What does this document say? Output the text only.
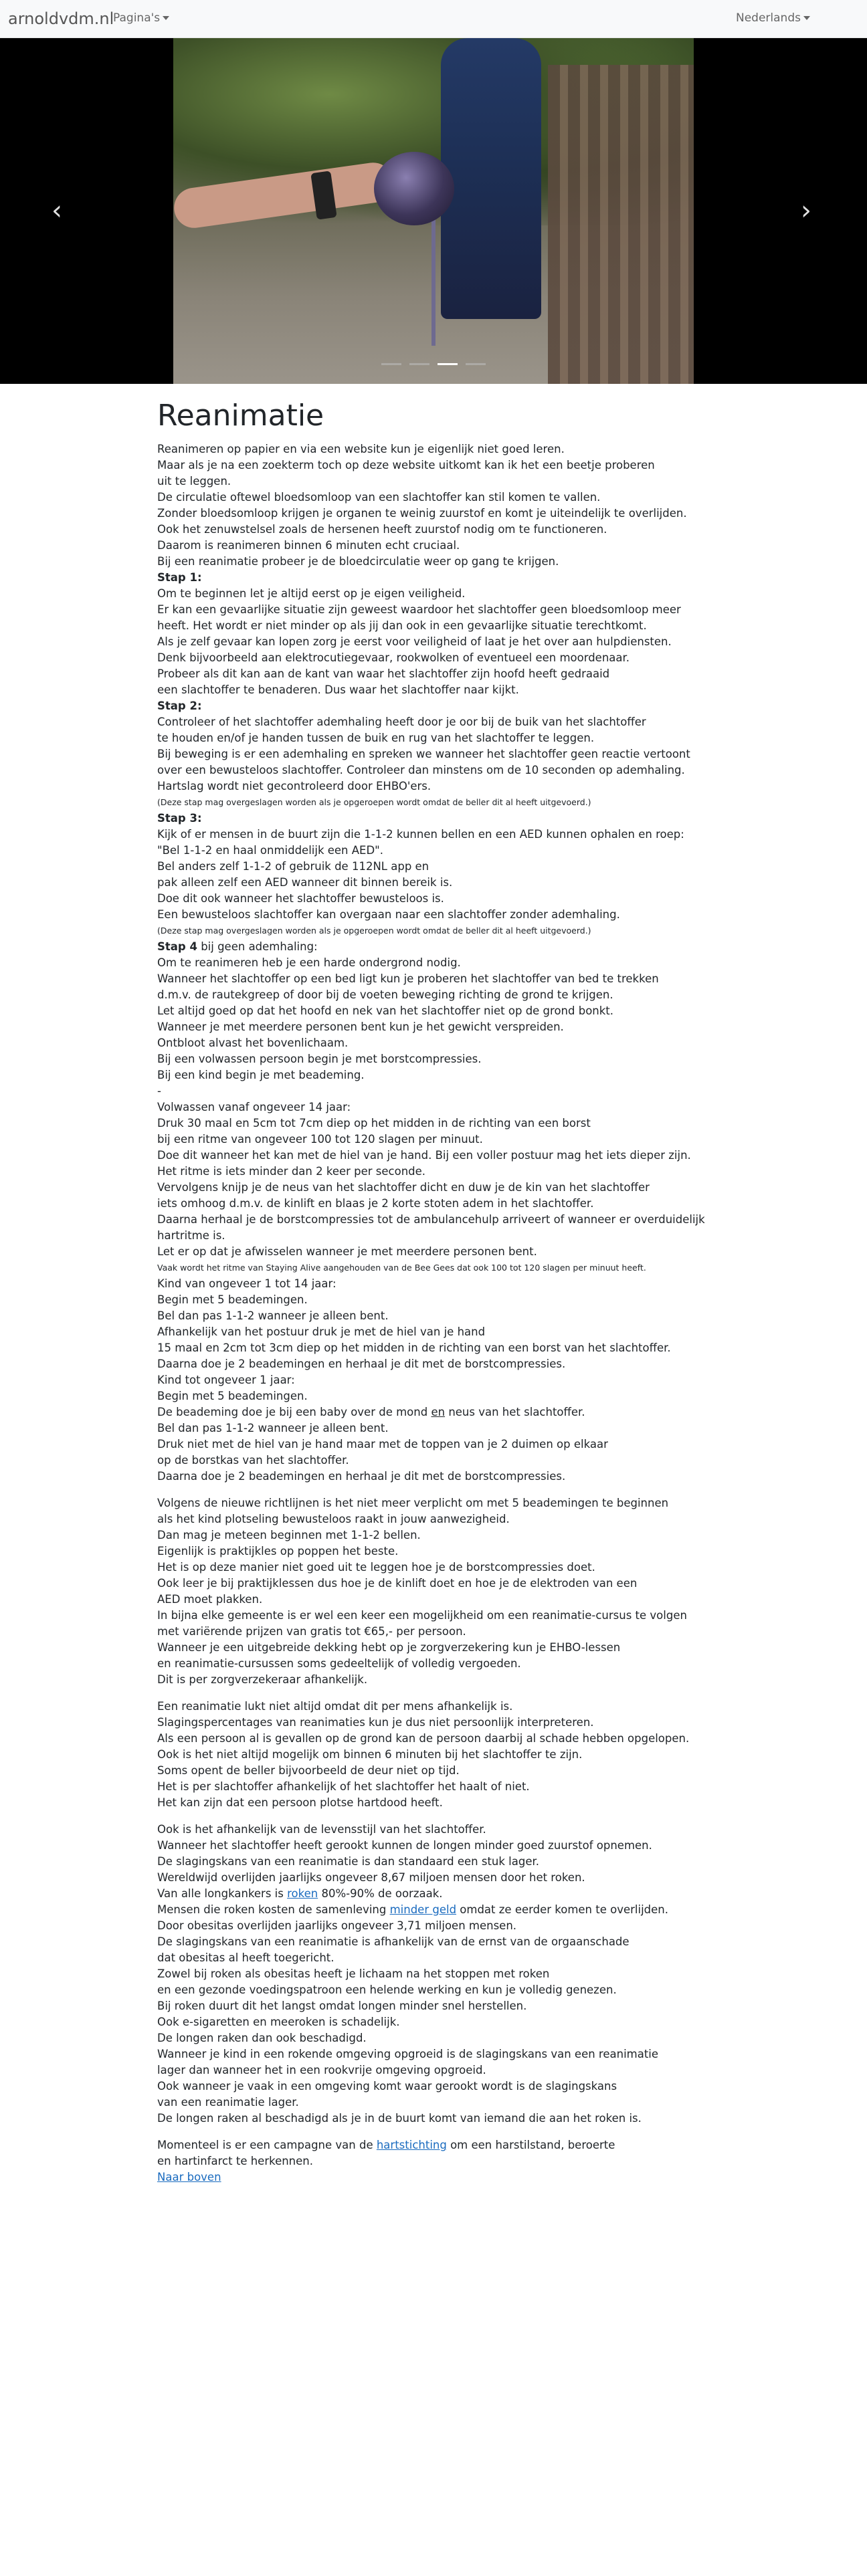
arnoldvdm.nl
Pagina's	Nederlands
‹	›
Reanimatie

Reanimeren op papier en via een website kun je eigenlijk niet goed leren.

Maar als je na een zoekterm toch op deze website uitkomt kan ik het een beetje proberen

uit te leggen.

De circulatie oftewel bloedsomloop van een slachtoffer kan stil komen te vallen.

Zonder bloedsomloop krijgen je organen te weinig zuurstof en komt je uiteindelijk te overlijden.

Ook het zenuwstelsel zoals de hersenen heeft zuurstof nodig om te functioneren.

Daarom is reanimeren binnen 6 minuten echt cruciaal.

Bij een reanimatie probeer je de bloedcirculatie weer op gang te krijgen.

Stap 1:

Om te beginnen let je altijd eerst op je eigen veiligheid.

Er kan een gevaarlijke situatie zijn geweest waardoor het slachtoffer geen bloedsomloop meer

heeft. Het wordt er niet minder op als jij dan ook in een gevaarlijke situatie terechtkomt.

Als je zelf gevaar kan lopen zorg je eerst voor veiligheid of laat je het over aan hulpdiensten.

Denk bijvoorbeeld aan elektrocutiegevaar, rookwolken of eventueel een moordenaar.

Probeer als dit kan aan de kant van waar het slachtoffer zijn hoofd heeft gedraaid

een slachtoffer te benaderen. Dus waar het slachtoffer naar kijkt.

Stap 2:

Controleer of het slachtoffer ademhaling heeft door je oor bij de buik van het slachtoffer

te houden en/of je handen tussen de buik en rug van het slachtoffer te leggen.

Bij beweging is er een ademhaling en spreken we wanneer het slachtoffer geen reactie vertoont

over een bewusteloos slachtoffer. Controleer dan minstens om de 10 seconden op ademhaling.

Hartslag wordt niet gecontroleerd door EHBO'ers.

(Deze stap mag overgeslagen worden als je opgeroepen wordt omdat de beller dit al heeft uitgevoerd.)

Stap 3:

Kijk of er mensen in de buurt zijn die 1-1-2 kunnen bellen en een AED kunnen ophalen en roep:

"Bel 1-1-2 en haal onmiddelijk een AED".

Bel anders zelf 1-1-2 of gebruik de 112NL app en

pak alleen zelf een AED wanneer dit binnen bereik is.

Doe dit ook wanneer het slachtoffer bewusteloos is.

Een bewusteloos slachtoffer kan overgaan naar een slachtoffer zonder ademhaling.

(Deze stap mag overgeslagen worden als je opgeroepen wordt omdat de beller dit al heeft uitgevoerd.)

Stap 4 bij geen ademhaling:

Om te reanimeren heb je een harde ondergrond nodig.

Wanneer het slachtoffer op een bed ligt kun je proberen het slachtoffer van bed te trekken

d.m.v. de rautekgreep of door bij de voeten beweging richting de grond te krijgen.

Let altijd goed op dat het hoofd en nek van het slachtoffer niet op de grond bonkt.

Wanneer je met meerdere personen bent kun je het gewicht verspreiden.

Ontbloot alvast het bovenlichaam.

Bij een volwassen persoon begin je met borstcompressies.

Bij een kind begin je met beademing.

-

Volwassen vanaf ongeveer 14 jaar:

Druk 30 maal en 5cm tot 7cm diep op het midden in de richting van een borst

bij een ritme van ongeveer 100 tot 120 slagen per minuut.

Doe dit wanneer het kan met de hiel van je hand. Bij een voller postuur mag het iets dieper zijn.

Het ritme is iets minder dan 2 keer per seconde.

Vervolgens knijp je de neus van het slachtoffer dicht en duw je de kin van het slachtoffer

iets omhoog d.m.v. de kinlift en blaas je 2 korte stoten adem in het slachtoffer.

Daarna herhaal je de borstcompressies tot de ambulancehulp arriveert of wanneer er overduidelijk

hartritme is.

Let er op dat je afwisselen wanneer je met meerdere personen bent.

Vaak wordt het ritme van Staying Alive aangehouden van de Bee Gees dat ook 100 tot 120 slagen per minuut heeft.

Kind van ongeveer 1 tot 14 jaar:

Begin met 5 beademingen.

Bel dan pas 1-1-2 wanneer je alleen bent.

Afhankelijk van het postuur druk je met de hiel van je hand

15 maal en 2cm tot 3cm diep op het midden in de richting van een borst van het slachtoffer.

Daarna doe je 2 beademingen en herhaal je dit met de borstcompressies.

Kind tot ongeveer 1 jaar:

Begin met 5 beademingen.

De beademing doe je bij een baby over de mond en neus van het slachtoffer.

Bel dan pas 1-1-2 wanneer je alleen bent.

Druk niet met de hiel van je hand maar met de toppen van je 2 duimen op elkaar

op de borstkas van het slachtoffer.

Daarna doe je 2 beademingen en herhaal je dit met de borstcompressies.

Volgens de nieuwe richtlijnen is het niet meer verplicht om met 5 beademingen te beginnen

als het kind plotseling bewusteloos raakt in jouw aanwezigheid.

Dan mag je meteen beginnen met 1-1-2 bellen.

Eigenlijk is praktijkles op poppen het beste.

Het is op deze manier niet goed uit te leggen hoe je de borstcompressies doet.

Ook leer je bij praktijklessen dus hoe je de kinlift doet en hoe je de elektroden van een

AED moet plakken.

In bijna elke gemeente is er wel een keer een mogelijkheid om een reanimatie-cursus te volgen

met variërende prijzen van gratis tot €65,- per persoon.

Wanneer je een uitgebreide dekking hebt op je zorgverzekering kun je EHBO-lessen

en reanimatie-cursussen soms gedeeltelijk of volledig vergoeden.

Dit is per zorgverzekeraar afhankelijk.

Een reanimatie lukt niet altijd omdat dit per mens afhankelijk is.

Slagingspercentages van reanimaties kun je dus niet persoonlijk interpreteren.

Als een persoon al is gevallen op de grond kan de persoon daarbij al schade hebben opgelopen.

Ook is het niet altijd mogelijk om binnen 6 minuten bij het slachtoffer te zijn.

Soms opent de beller bijvoorbeeld de deur niet op tijd.

Het is per slachtoffer afhankelijk of het slachtoffer het haalt of niet.

Het kan zijn dat een persoon plotse hartdood heeft.

Ook is het afhankelijk van de levensstijl van het slachtoffer.

Wanneer het slachtoffer heeft gerookt kunnen de longen minder goed zuurstof opnemen.

De slagingskans van een reanimatie is dan standaard een stuk lager.

Wereldwijd overlijden jaarlijks ongeveer 8,67 miljoen mensen door het roken.

Van alle longkankers is roken 80%-90% de oorzaak.

Mensen die roken kosten de samenleving minder geld omdat ze eerder komen te overlijden.

Door obesitas overlijden jaarlijks ongeveer 3,71 miljoen mensen.

De slagingskans van een reanimatie is afhankelijk van de ernst van de orgaanschade

dat obesitas al heeft toegericht.

Zowel bij roken als obesitas heeft je lichaam na het stoppen met roken

en een gezonde voedingspatroon een helende werking en kun je volledig genezen.

Bij roken duurt dit het langst omdat longen minder snel herstellen.

Ook e-sigaretten en meeroken is schadelijk.

De longen raken dan ook beschadigd.

Wanneer je kind in een rokende omgeving opgroeid is de slagingskans van een reanimatie

lager dan wanneer het in een rookvrije omgeving opgroeid.

Ook wanneer je vaak in een omgeving komt waar gerookt wordt is de slagingskans

van een reanimatie lager.

De longen raken al beschadigd als je in de buurt komt van iemand die aan het roken is.

Momenteel is er een campagne van de hartstichting om een harstilstand, beroerte

en hartinfarct te herkennen.

Naar boven
